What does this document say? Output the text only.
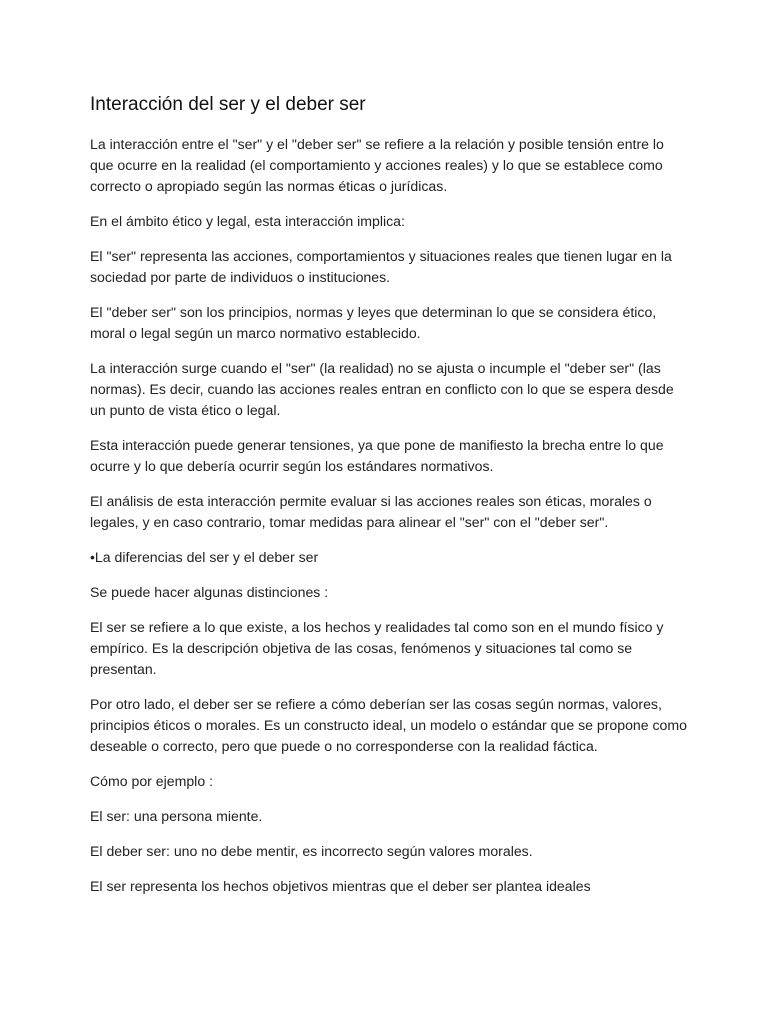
Interacción del ser y el deber ser

La interacción entre el "ser" y el "deber ser" se refiere a la relación y posible tensión entre lo que ocurre en la realidad (el comportamiento y acciones reales) y lo que se establece como correcto o apropiado según las normas éticas o jurídicas.

En el ámbito ético y legal, esta interacción implica:

El "ser" representa las acciones, comportamientos y situaciones reales que tienen lugar en la sociedad por parte de individuos o instituciones.

El "deber ser" son los principios, normas y leyes que determinan lo que se considera ético, moral o legal según un marco normativo establecido.

La interacción surge cuando el "ser" (la realidad) no se ajusta o incumple el "deber ser" (las normas). Es decir, cuando las acciones reales entran en conflicto con lo que se espera desde un punto de vista ético o legal.

Esta interacción puede generar tensiones, ya que pone de manifiesto la brecha entre lo que ocurre y lo que debería ocurrir según los estándares normativos.

El análisis de esta interacción permite evaluar si las acciones reales son éticas, morales o legales, y en caso contrario, tomar medidas para alinear el "ser" con el "deber ser".

•La diferencias del ser y el deber ser

Se puede hacer algunas distinciones :

El ser se refiere a lo que existe, a los hechos y realidades tal como son en el mundo físico y empírico. Es la descripción objetiva de las cosas, fenómenos y situaciones tal como se presentan.

Por otro lado, el deber ser se refiere a cómo deberían ser las cosas según normas, valores, principios éticos o morales. Es un constructo ideal, un modelo o estándar que se propone como deseable o correcto, pero que puede o no corresponderse con la realidad fáctica.

Cómo por ejemplo :

El ser: una persona miente.

El deber ser: uno no debe mentir, es incorrecto según valores morales.

El ser representa los hechos objetivos mientras que el deber ser plantea ideales
